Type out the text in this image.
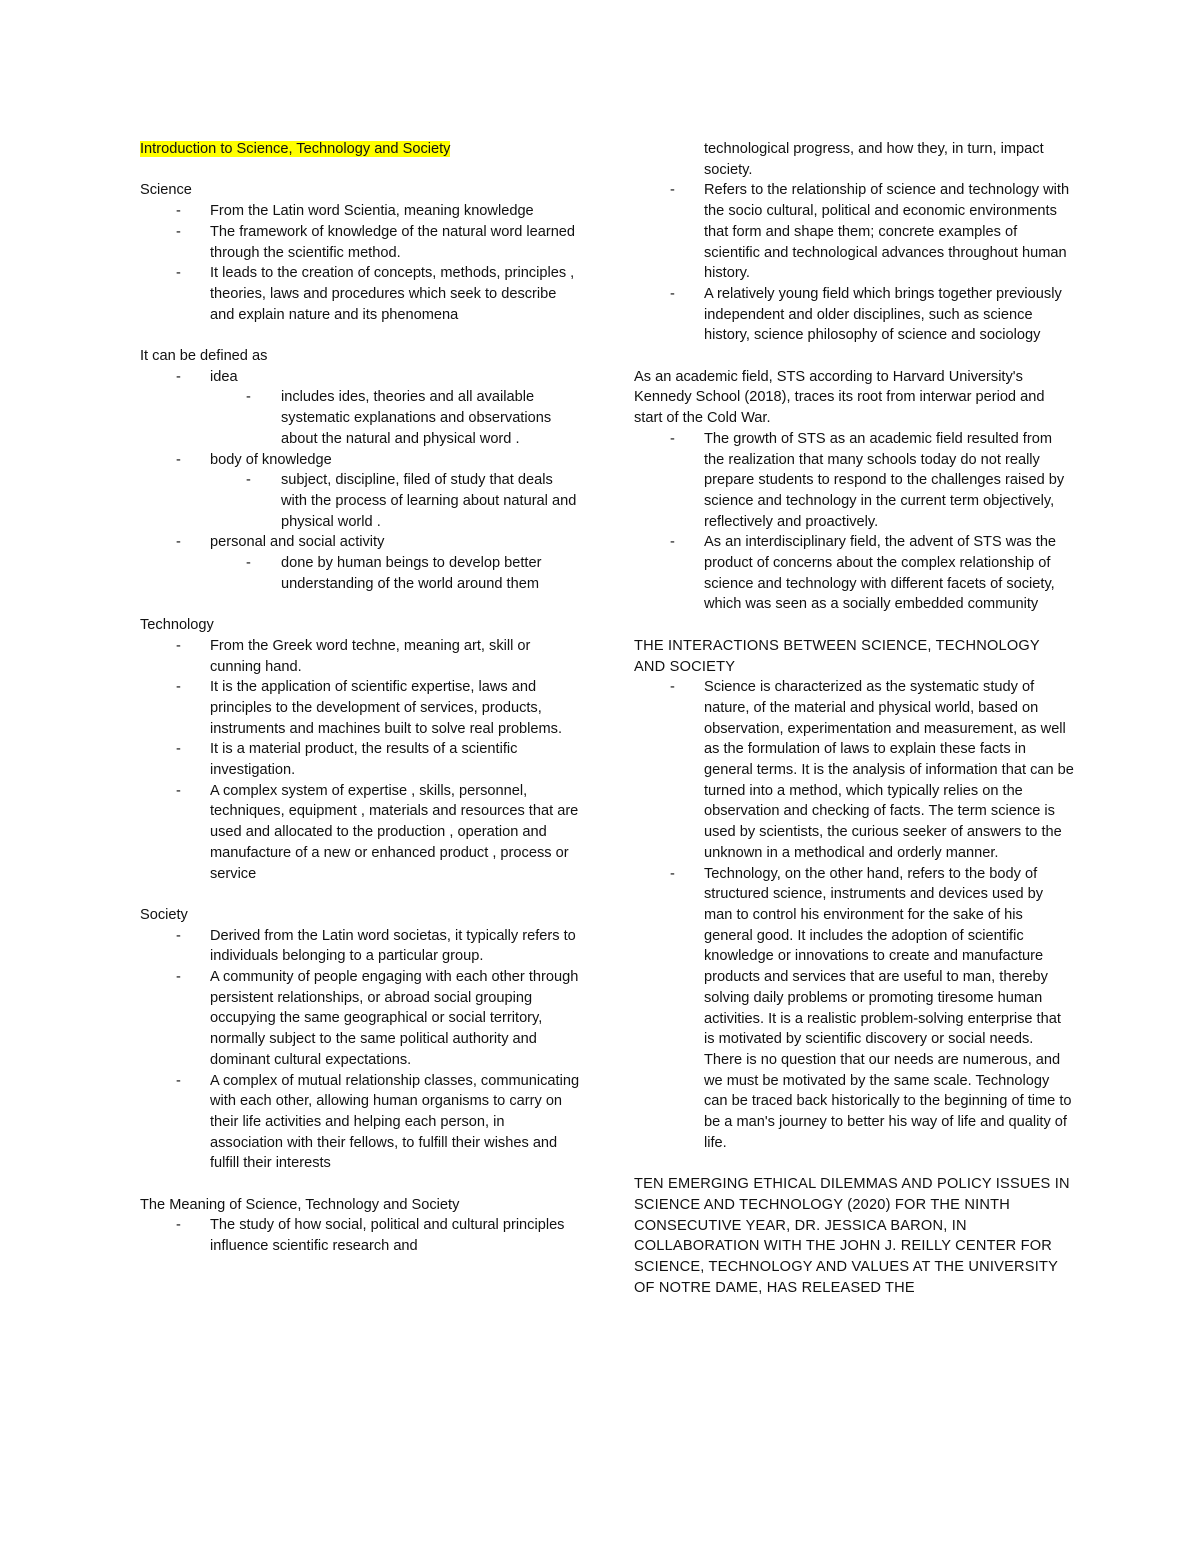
Introduction to Science, Technology and Society

Science

- From the Latin word Scientia, meaning knowledge
- The framework of knowledge of the natural word learned through the scientific method.
- It leads to the creation of concepts, methods, principles , theories, laws and procedures which seek to describe and explain nature and its phenomena

It can be defined as

- idea
- includes ides, theories and all available systematic explanations and observations about the natural and physical word .
- body of knowledge
- subject, discipline, filed of study that deals with the process of learning about natural and physical world .
- personal and social activity
- done by human beings to develop better understanding of the world around them

Technology

- From the Greek word techne, meaning art, skill or cunning hand.
- It is the application of scientific expertise, laws and principles to the development of services, products, instruments and machines built to solve real problems.
- It is a material product, the results of a scientific investigation.
- A complex system of expertise , skills, personnel, techniques, equipment , materials and resources that are used and allocated to the production , operation and manufacture of a new or enhanced product , process or service

Society

- Derived from the Latin word societas, it typically refers to individuals belonging to a particular group.
- A community of people engaging with each other through persistent relationships, or abroad social grouping occupying the same geographical or social territory, normally subject to the same political authority and dominant cultural expectations.
- A complex of mutual relationship classes, communicating with each other, allowing human organisms to carry on their life activities and helping each person, in association with their fellows, to fulfill their wishes and fulfill their interests

The Meaning of Science, Technology and Society

- The study of how social, political and cultural principles influence scientific research and
technological progress, and how they, in turn, impact society.
- Refers to the relationship of science and technology with the socio cultural, political and economic environments that form and shape them; concrete examples of scientific and technological advances throughout human history.
- A relatively young field which brings together previously independent and older disciplines, such as science history, science philosophy of science and sociology

As an academic field, STS according to Harvard University's Kennedy School (2018), traces its root from interwar period and start of the Cold War.

- The growth of STS as an academic field resulted from the realization that many schools today do not really prepare students to respond to the challenges raised by science and technology in the current term objectively, reflectively and proactively.
- As an interdisciplinary field, the advent of STS was the product of concerns about the complex relationship of science and technology with different facets of society, which was seen as a socially embedded community

THE INTERACTIONS BETWEEN SCIENCE, TECHNOLOGY AND SOCIETY

- Science is characterized as the systematic study of nature, of the material and physical world, based on observation, experimentation and measurement, as well as the formulation of laws to explain these facts in general terms. It is the analysis of information that can be turned into a method, which typically relies on the observation and checking of facts. The term science is used by scientists, the curious seeker of answers to the unknown in a methodical and orderly manner.
- Technology, on the other hand, refers to the body of structured science, instruments and devices used by man to control his environment for the sake of his general good. It includes the adoption of scientific knowledge or innovations to create and manufacture products and services that are useful to man, thereby solving daily problems or promoting tiresome human activities. It is a realistic problem-solving enterprise that is motivated by scientific discovery or social needs. There is no question that our needs are numerous, and we must be motivated by the same scale. Technology can be traced back historically to the beginning of time to be a man's journey to better his way of life and quality of life.

TEN EMERGING ETHICAL DILEMMAS AND POLICY ISSUES IN SCIENCE AND TECHNOLOGY (2020) FOR THE NINTH CONSECUTIVE YEAR, DR. JESSICA BARON, IN COLLABORATION WITH THE JOHN J. REILLY CENTER FOR SCIENCE, TECHNOLOGY AND VALUES AT THE UNIVERSITY OF NOTRE DAME, HAS RELEASED THE
